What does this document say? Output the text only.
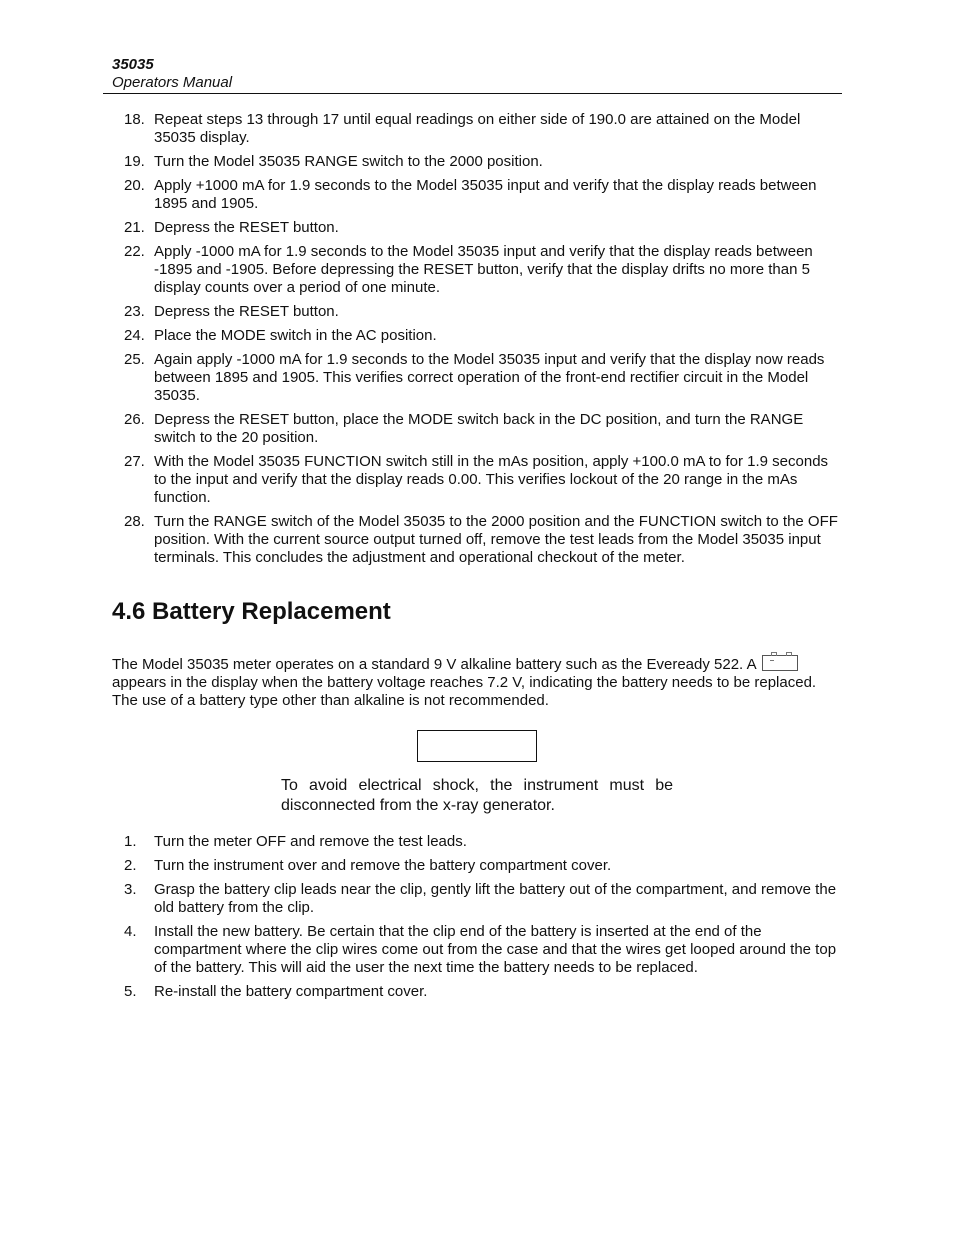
35035
Operators Manual
18. Repeat steps 13 through 17 until equal readings on either side of 190.0 are attained on the Model 35035 display.
19. Turn the Model 35035 RANGE switch to the 2000 position.
20. Apply +1000 mA for 1.9 seconds to the Model 35035 input and verify that the display reads between 1895 and 1905.
21. Depress the RESET button.
22. Apply -1000 mA for 1.9 seconds to the Model 35035 input and verify that the display reads between -1895 and -1905. Before depressing the RESET button, verify that the display drifts no more than 5 display counts over a period of one minute.
23. Depress the RESET button.
24. Place the MODE switch in the AC position.
25. Again apply -1000 mA for 1.9 seconds to the Model 35035 input and verify that the display now reads between 1895 and 1905. This verifies correct operation of the front-end rectifier circuit in the Model 35035.
26. Depress the RESET button, place the MODE switch back in the DC position, and turn the RANGE switch to the 20 position.
27. With the Model 35035 FUNCTION switch still in the mAs position, apply +100.0 mA to for 1.9 seconds to the input and verify that the display reads 0.00. This verifies lockout of the 20 range in the mAs function.
28. Turn the RANGE switch of the Model 35035 to the 2000 position and the FUNCTION switch to the OFF position. With the current source output turned off, remove the test leads from the Model 35035 input terminals. This concludes the adjustment and operational checkout of the meter.
4.6 Battery Replacement

The Model 35035 meter operates on a standard 9 V alkaline battery such as the Eveready 522. A
appears in the display when the battery voltage reaches 7.2 V, indicating the battery needs to be replaced. The use of a battery type other than alkaline is not recommended.

To avoid electrical shock, the instrument must be disconnected from the x-ray generator.

1.	Turn the meter OFF and remove the test leads.
2.	Turn the instrument over and remove the battery compartment cover.
3.	Grasp the battery clip leads near the clip, gently lift the battery out of the compartment, and remove the old battery from the clip.
4.	Install the new battery. Be certain that the clip end of the battery is inserted at the end of the compartment where the clip wires come out from the case and that the wires get looped around the top of the battery. This will aid the user the next time the battery needs to be replaced.
5.	Re-install the battery compartment cover.
